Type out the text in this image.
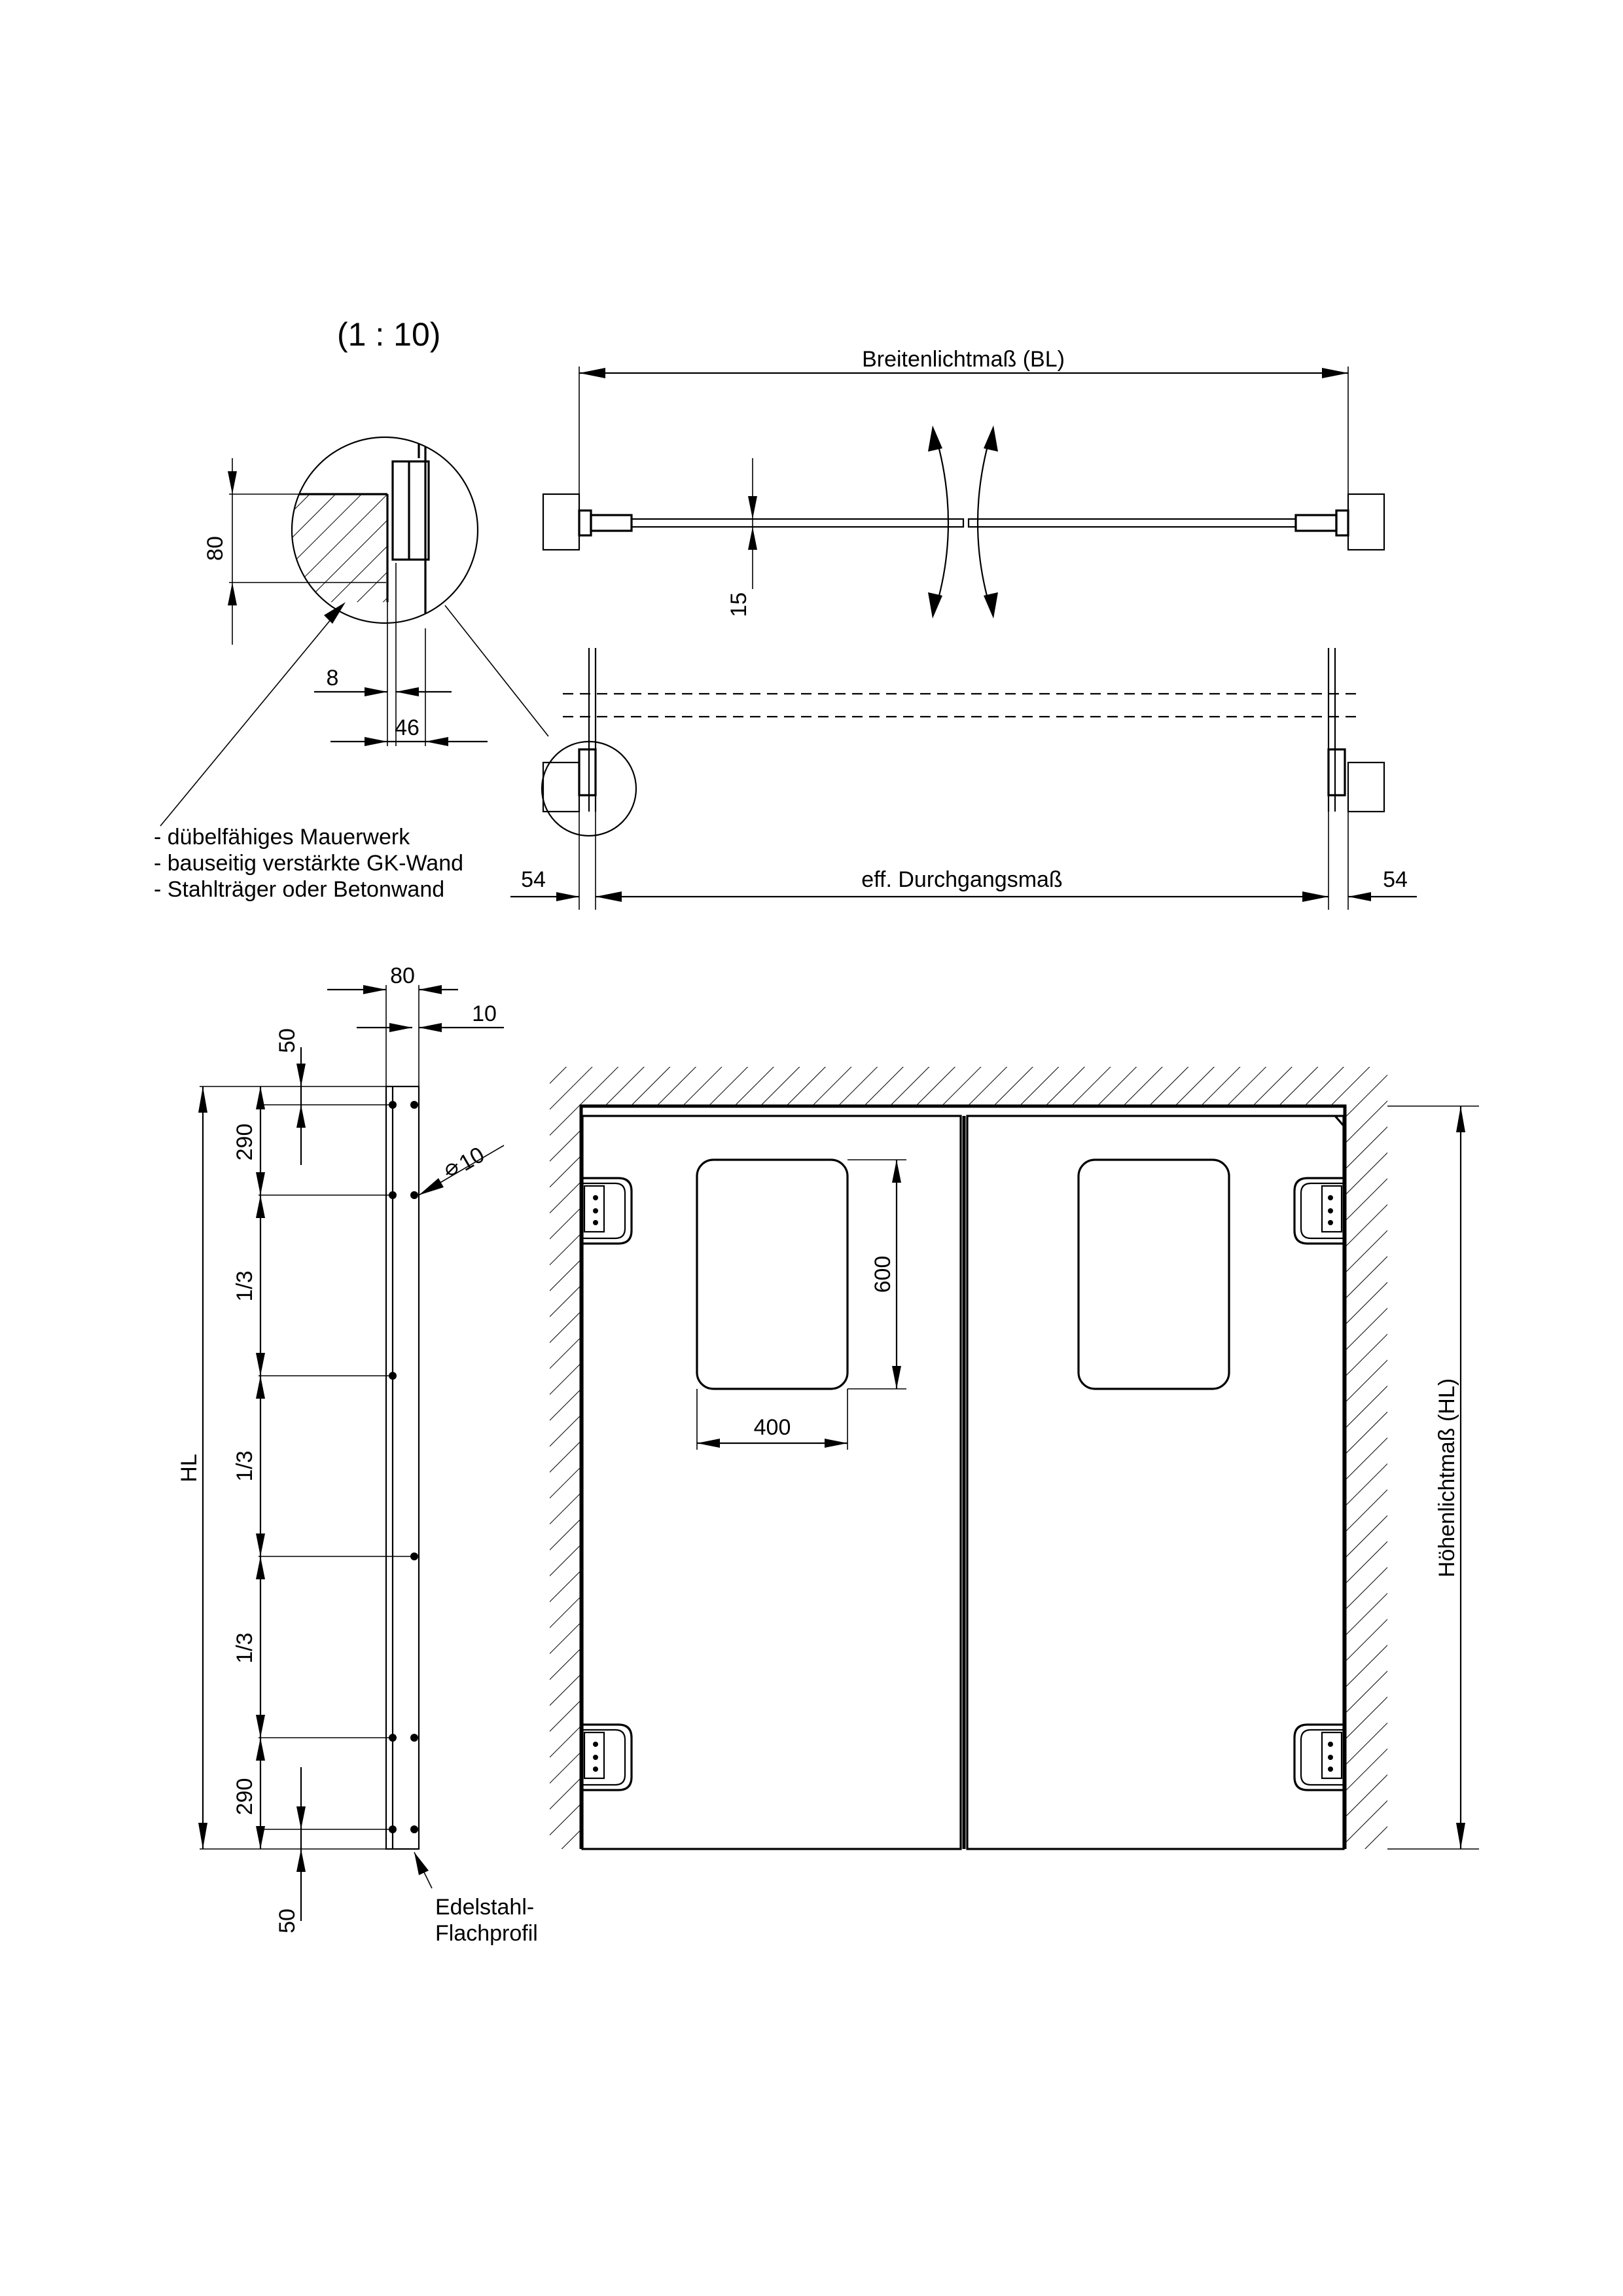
(1 : 10)
Breitenlichtmaß (BL)
15
54	eff. Durchgangsmaß	54
80
8
46
- dübelfähiges Mauerwerk
- bauseitig verstärkte GK-Wand
- Stahlträger oder Betonwand
80
10
HL
290
1/3
1/3
1/3
290
50
50
⌀
10
Edelstahl-
Flachprofil
600
400	Höhenlichtmaß (HL)
